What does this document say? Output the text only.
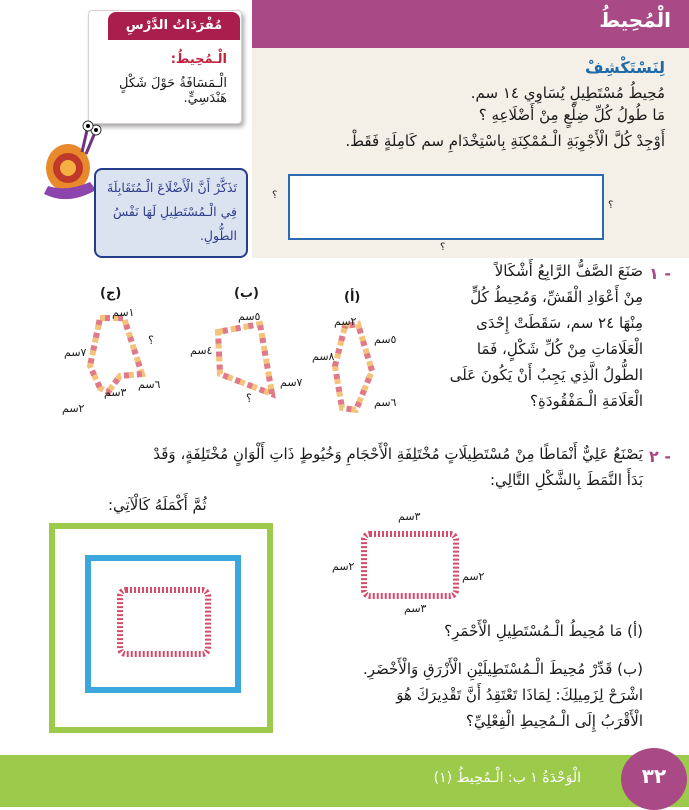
الْمُحِيطُ
مُفْرَدَاتُ الدَّرْسِ
الْـمُحِيطُ:
الْـمَسَافَةُ حَوْلَ شَكْلٍ هَنْدَسِيٍّ.
تَذَكَّرْ أَنَّ الْأَضْلَاعَ الْـمُتَقَابِلَةَ فِي الْـمُسْتَطِيلِ لَهَا نَفْسُ الطُّولِ.
لِنَسْتَكْشِفْ
مُحِيطُ مُسْتَطِيلٍ يُسَاوِي ١٤ سم.
مَا طُولُ كُلِّ ضِلْعٍ مِنْ أَضْلَاعِهِ ؟
أَوْجِدْ كُلَّ الْأَجْوِبَةِ الْـمُمْكِنَةِ بِاسْتِخْدَامِ سم كَامِلَةٍ فَقَطْ.
؟
؟
؟
١ -
صَنَعَ الصَّفُّ الرَّابِعُ أَشْكَالاً
مِنْ أَعْوَادِ الْقَشِّ، وَمُحِيطُ كُلٍّ
مِنْهَا ٢٤ سم، سَقَطَتْ إِحْدَى
الْعَلَامَاتِ مِنْ كُلِّ شَكْلٍ، فَمَا
الطُّولُ الَّذِي يَجِبُ أَنْ يَكُونَ عَلَى
الْعَلَامَةِ الْـمَفْقُودَةِ؟
(أ)
٢سم
٥سم
٨سم
٦سم
(ب)
٥سم
٤سم
٧سم
؟
(ج)
١سم
٧سم
٣سم
٦سم
٢سم
؟
٢ -
يَصْنَعُ عَلِيٌّ أَنْمَاطًا مِنْ مُسْتَطِيلَاتٍ مُخْتَلِفَةِ الْأَحْجَامِ وَخُيُوطٍ ذَاتِ أَلْوَانٍ مُخْتَلِفَةٍ، وَقَدْ
بَدَأَ النَّمَطَ بِالشَّكْلِ التَّالِي:
ثُمَّ أَكْمَلَهُ كَالْآتِي:
٣سم
٢سم
٢سم
٣سم
(أ) مَا مُحِيطُ الْـمُسْتَطِيلِ الْأَحْمَرِ؟
(ب) قَدِّرْ مُحِيطَ الْـمُسْتَطِيلَيْنِ الْأَزْرَقِ وَالْأَخْضَرِ.
اشْرَحْ لِزَمِيلِكَ: لِمَاذَا تَعْتَقِدُ أَنَّ تَقْدِيرَكَ هُوَ
الْأَقْرَبُ إِلَى الْـمُحِيطِ الْفِعْلِيِّ؟
٣٢
الْوَحْدَةُ ١ ب: الْـمُحِيطُ (١)
